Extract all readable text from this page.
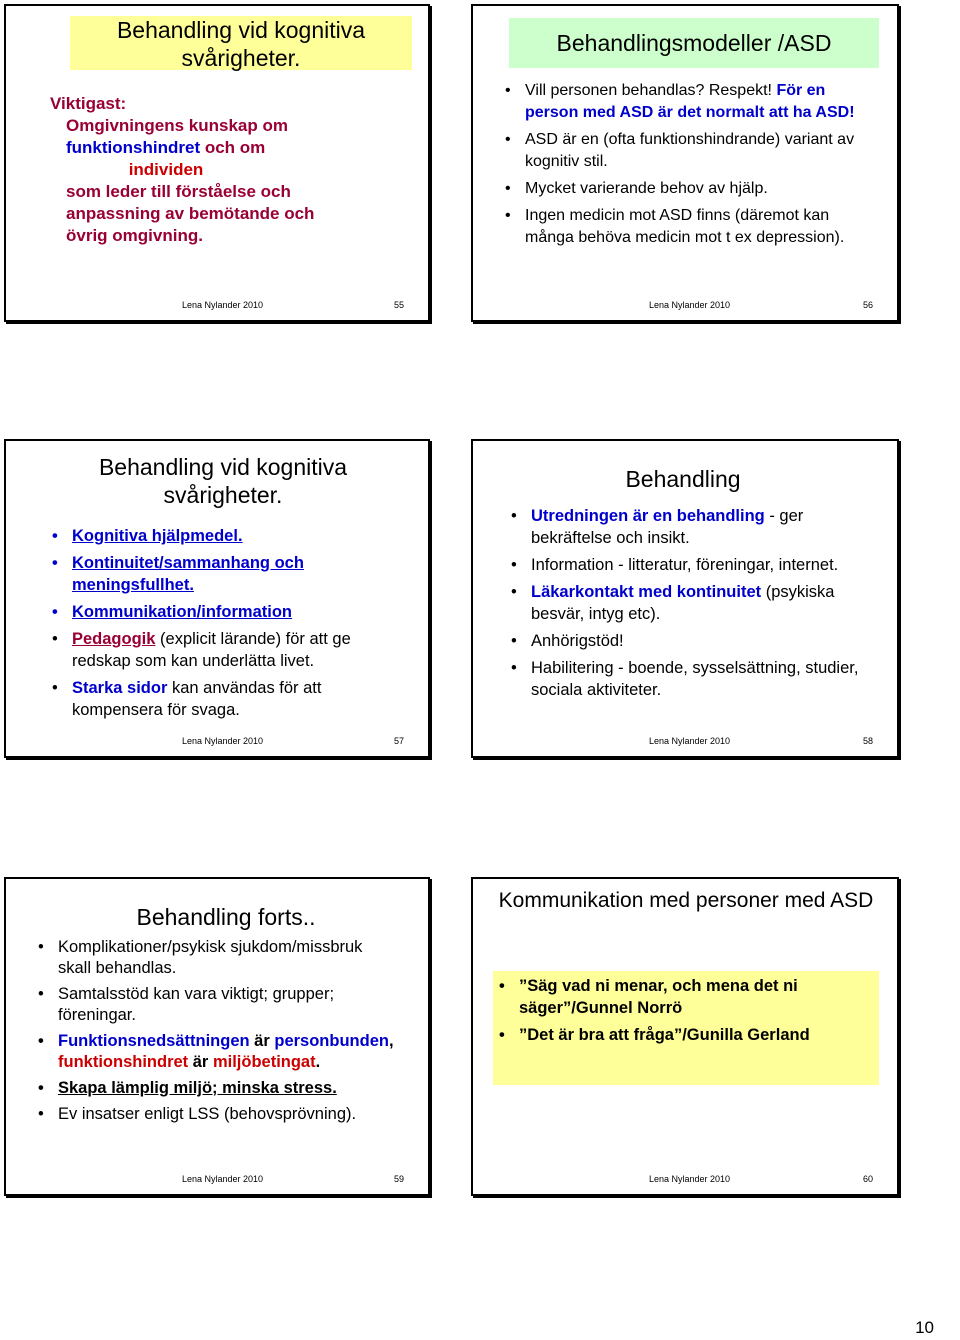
Behandling vid kognitiva svårigheter.
Viktigast:
Omgivningens kunskap om
funktionshindret och om
individen
som leder till förståelse och
anpassning av bemötande och
övrig omgivning.
Lena Nylander 2010	55
Behandlingsmodeller /ASD
• Vill personen behandlas? Respekt! För en person med ASD är det normalt att ha ASD!
• ASD är en (ofta funktionshindrande) variant av kognitiv stil.
• Mycket varierande behov av hjälp.
• Ingen medicin mot ASD finns (däremot kan många behöva medicin mot t ex depression).
Lena Nylander 2010	56
Behandling vid kognitiva svårigheter.
• Kognitiva hjälpmedel.
• Kontinuitet/sammanhang och meningsfullhet.
• Kommunikation/information
• Pedagogik (explicit lärande) för att ge redskap som kan underlätta livet.
• Starka sidor kan användas för att kompensera för svaga.
Lena Nylander 2010	57
Behandling
• Utredningen är en behandling - ger bekräftelse och insikt.
• Information - litteratur, föreningar, internet.
• Läkarkontakt med kontinuitet (psykiska besvär, intyg etc).
• Anhörigstöd!
• Habilitering - boende, sysselsättning, studier, sociala aktiviteter.
Lena Nylander 2010	58
Behandling forts..
• Komplikationer/psykisk sjukdom/missbruk skall behandlas.
• Samtalsstöd kan vara viktigt; grupper; föreningar.
• Funktionsnedsättningen är personbunden, funktionshindret är miljöbetingat.
• Skapa lämplig miljö; minska stress.
• Ev insatser enligt LSS (behovsprövning).
Lena Nylander 2010	59
Kommunikation med personer med ASD
• ”Säg vad ni menar, och mena det ni säger”/Gunnel Norrö
• ”Det är bra att fråga”/Gunilla Gerland
Lena Nylander 2010	60
10
